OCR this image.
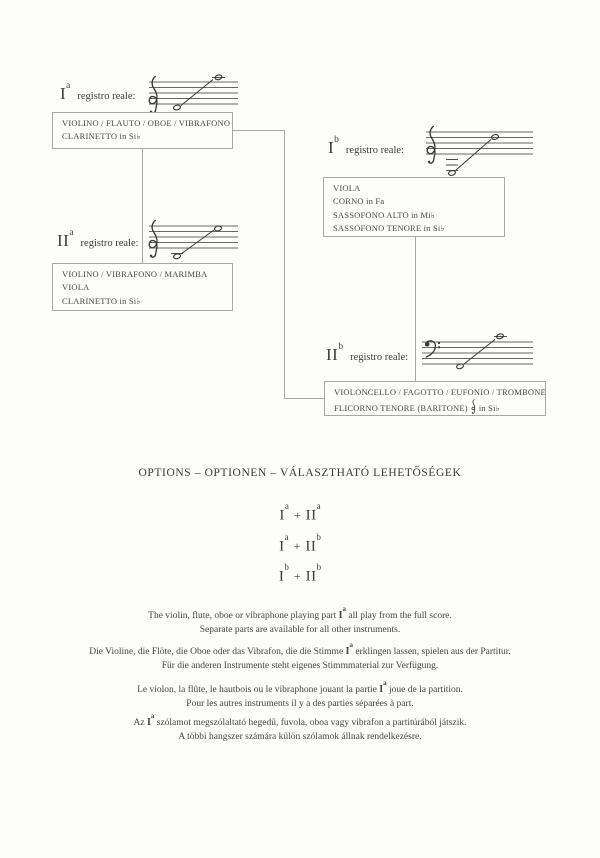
$I^a$ registro reale:
VIOLINO / FLAUTO / OBOE / VIBRAFONO
CLARINETTO in Si♭
$I^b$ registro reale:
VIOLA
CORNO in Fa
SASSOFONO ALTO in Mi♭
SASSOFONO TENORE in Si♭
$II^a$ registro reale:
VIOLINO / VIBRAFONO / MARIMBA
VIOLA
CLARINETTO in Si♭
$II^b$ registro reale:
VIOLONCELLO / FAGOTTO / EUFONIO / TROMBONE
FLICORNO TENORE (BARITONE) in Si♭
OPTIONS – OPTIONEN – VÁLASZTHATÓ LEHETŐSÉGEK
$I^a+ II^a$
$I^a+ II^b$
$I^b+ II^b$
The violin, flute, oboe or vibraphone playing part $I^a$ all play from the full score.
Separate parts are available for all other instruments.
Die Violine, die Flöte, die Oboe oder das Vibrafon, die die Stimme $I^a$ erklingen lassen, spielen aus der Partitur.
Für die anderen Instrumente steht eigenes Stimmmaterial zur Verfügung.
Le violon, la flûte, le hautbois ou le vibraphone jouant la partie $I^a$ joue de la partition.
Pour les autres instruments il y a des parties séparées à part.
Az $I^a$ szólamot megszólaltató hegedű, fuvola, oboa vagy vibrafon a partitúrából játszik.
A többi hangszer számára külön szólamok állnak rendelkezésre.
